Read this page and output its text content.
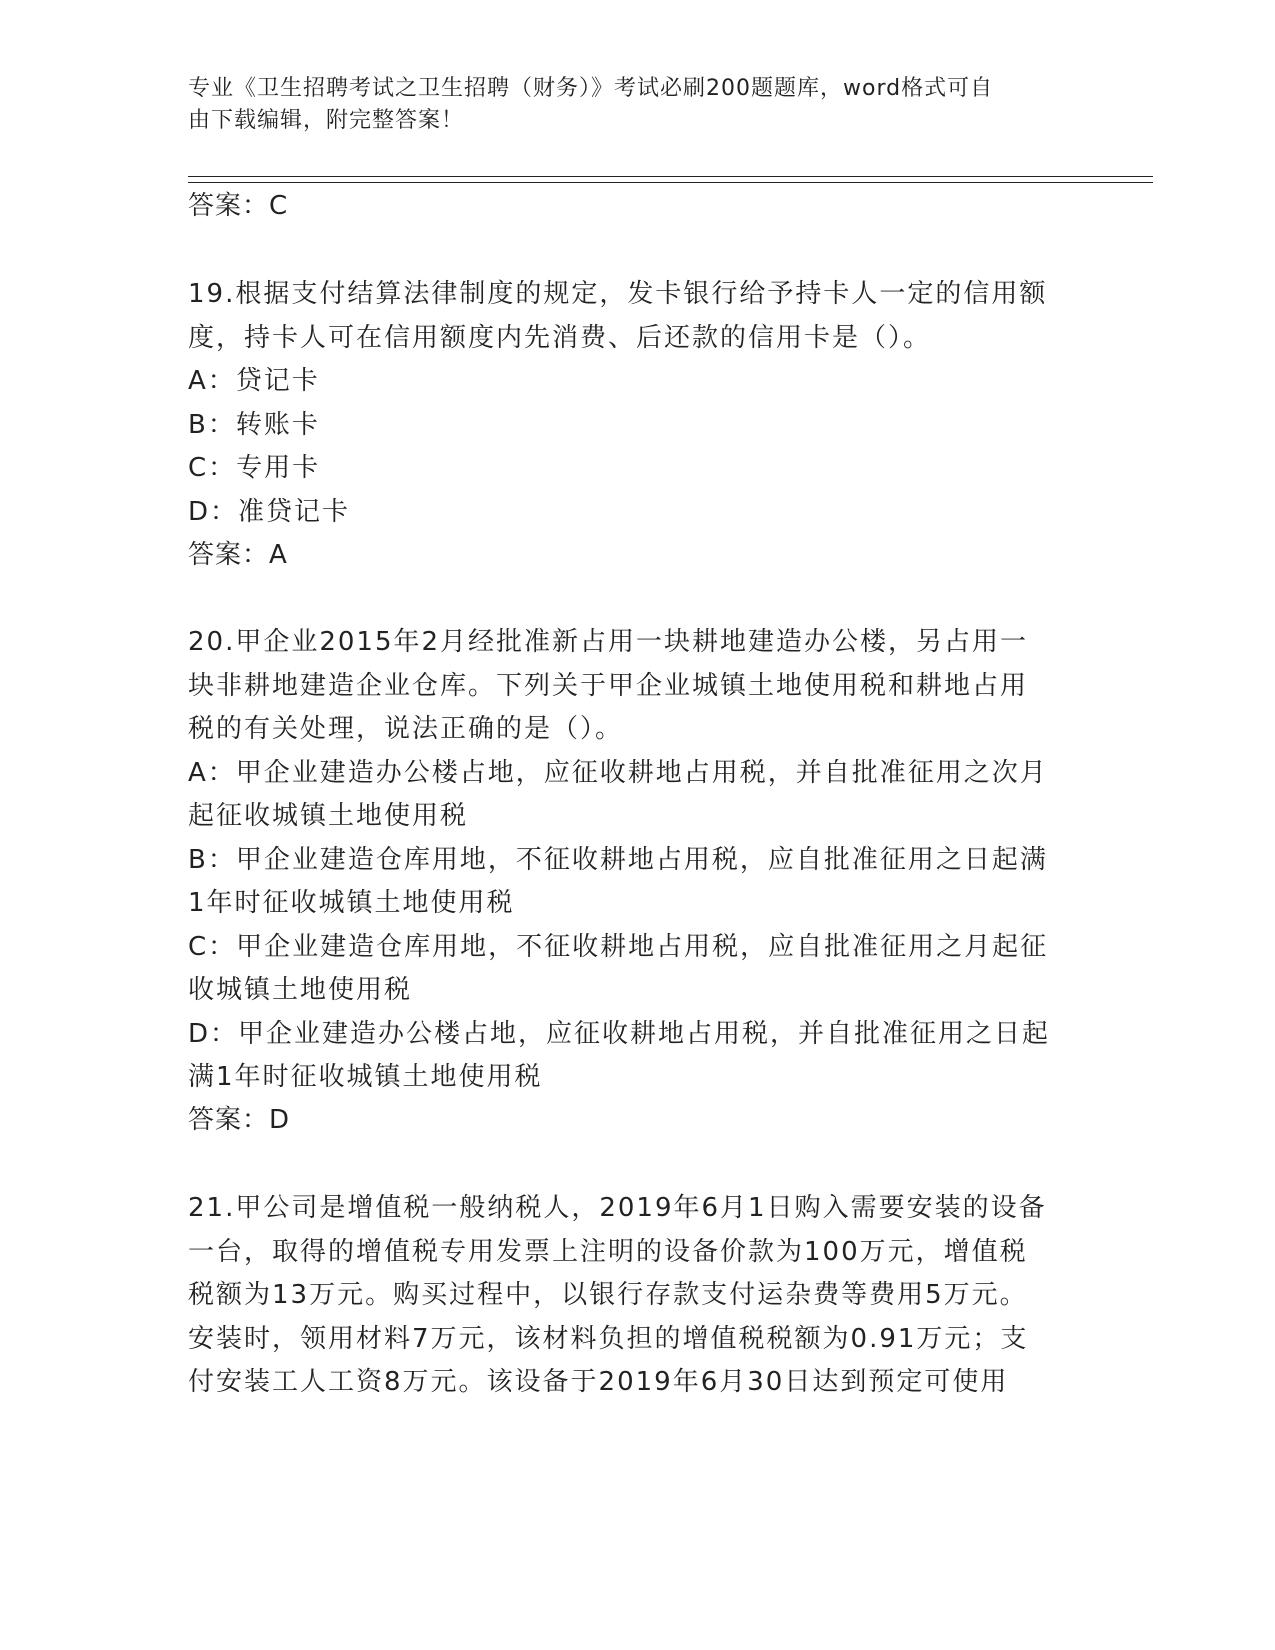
专业《卫生招聘考试之卫生招聘（财务）》考试必刷200题题库，word格式可自
由下载编辑，附完整答案！
答案：C
19.根据支付结算法律制度的规定，发卡银行给予持卡人一定的信用额
度，持卡人可在信用额度内先消费、后还款的信用卡是（）。
A：贷记卡
B：转账卡
C：专用卡
D：准贷记卡
答案：A
20.甲企业2015年2月经批准新占用一块耕地建造办公楼，另占用一
块非耕地建造企业仓库。下列关于甲企业城镇土地使用税和耕地占用
税的有关处理，说法正确的是（）。
A：甲企业建造办公楼占地，应征收耕地占用税，并自批准征用之次月
起征收城镇土地使用税
B：甲企业建造仓库用地，不征收耕地占用税，应自批准征用之日起满
1年时征收城镇土地使用税
C：甲企业建造仓库用地，不征收耕地占用税，应自批准征用之月起征
收城镇土地使用税
D：甲企业建造办公楼占地，应征收耕地占用税，并自批准征用之日起
满1年时征收城镇土地使用税
答案：D
21.甲公司是增值税一般纳税人，2019年6月1日购入需要安装的设备
一台，取得的增值税专用发票上注明的设备价款为100万元，增值税
税额为13万元。购买过程中，以银行存款支付运杂费等费用5万元。
安装时，领用材料7万元，该材料负担的增值税税额为0.91万元；支
付安装工人工资8万元。该设备于2019年6月30日达到预定可使用
